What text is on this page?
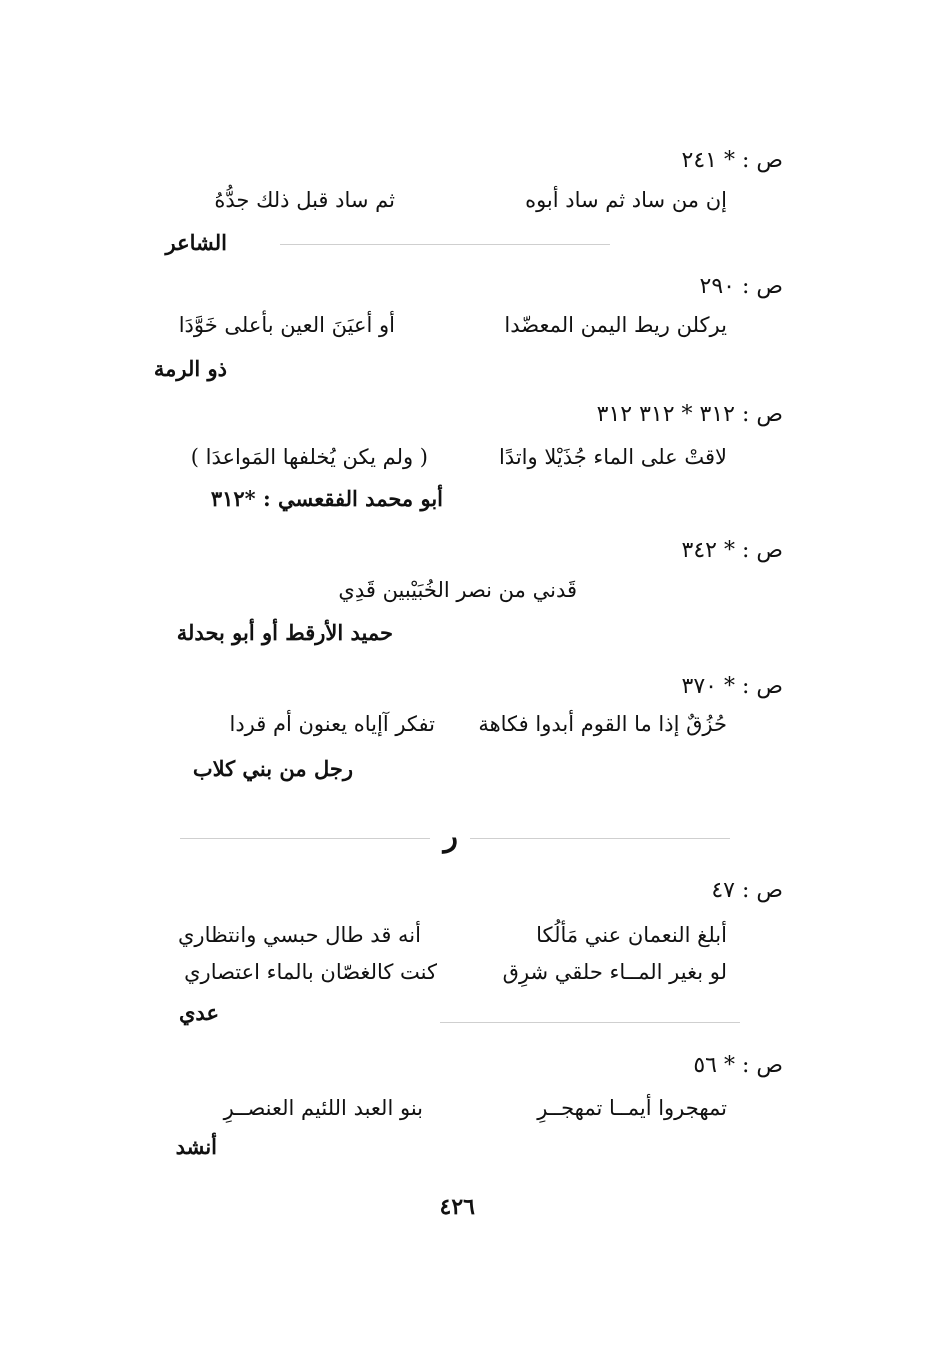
ص : * ٢٤١
إن من ساد ثم ساد أبوه
ثم ساد قبل ذلك جدُّهُ
الشاعر
ص : ٢٩٠
يركلن ريط اليمن المعضّدا
أو أعيَنَ العين بأعلى خَوَّدَا
ذو الرمة
ص : ٣١٢ * ٣١٢ ٣١٢
لاقتْ على الماء جُذَيْلا واتدًا
( ولم يكن يُخلفها المَواعدَا )
أبو محمد الفقعسي : *٣١٢
ص : * ٣٤٢
قَدني من نصر الخُبَيْبين قَدِي
حميد الأرقط أو أبو بحدلة
ص : * ٣٧٠
حُزُقٌ إذا ما القوم أبدوا فكاهة
تفكر آإياه يعنون أم قردا
رجل من بني كلاب
ر
ص : ٤٧
أبلغ النعمان عني مَألُكا
أنه قد طال حبسي وانتظاري
لو بغير المــاء حلقي شرِق
كنت كالغصّان بالماء اعتصاري
عدي
ص : * ٥٦
تمهجروا أيمــا تمهجــرِ
بنو العبد اللئيم العنصــرِ
أنشد
٤٢٦
